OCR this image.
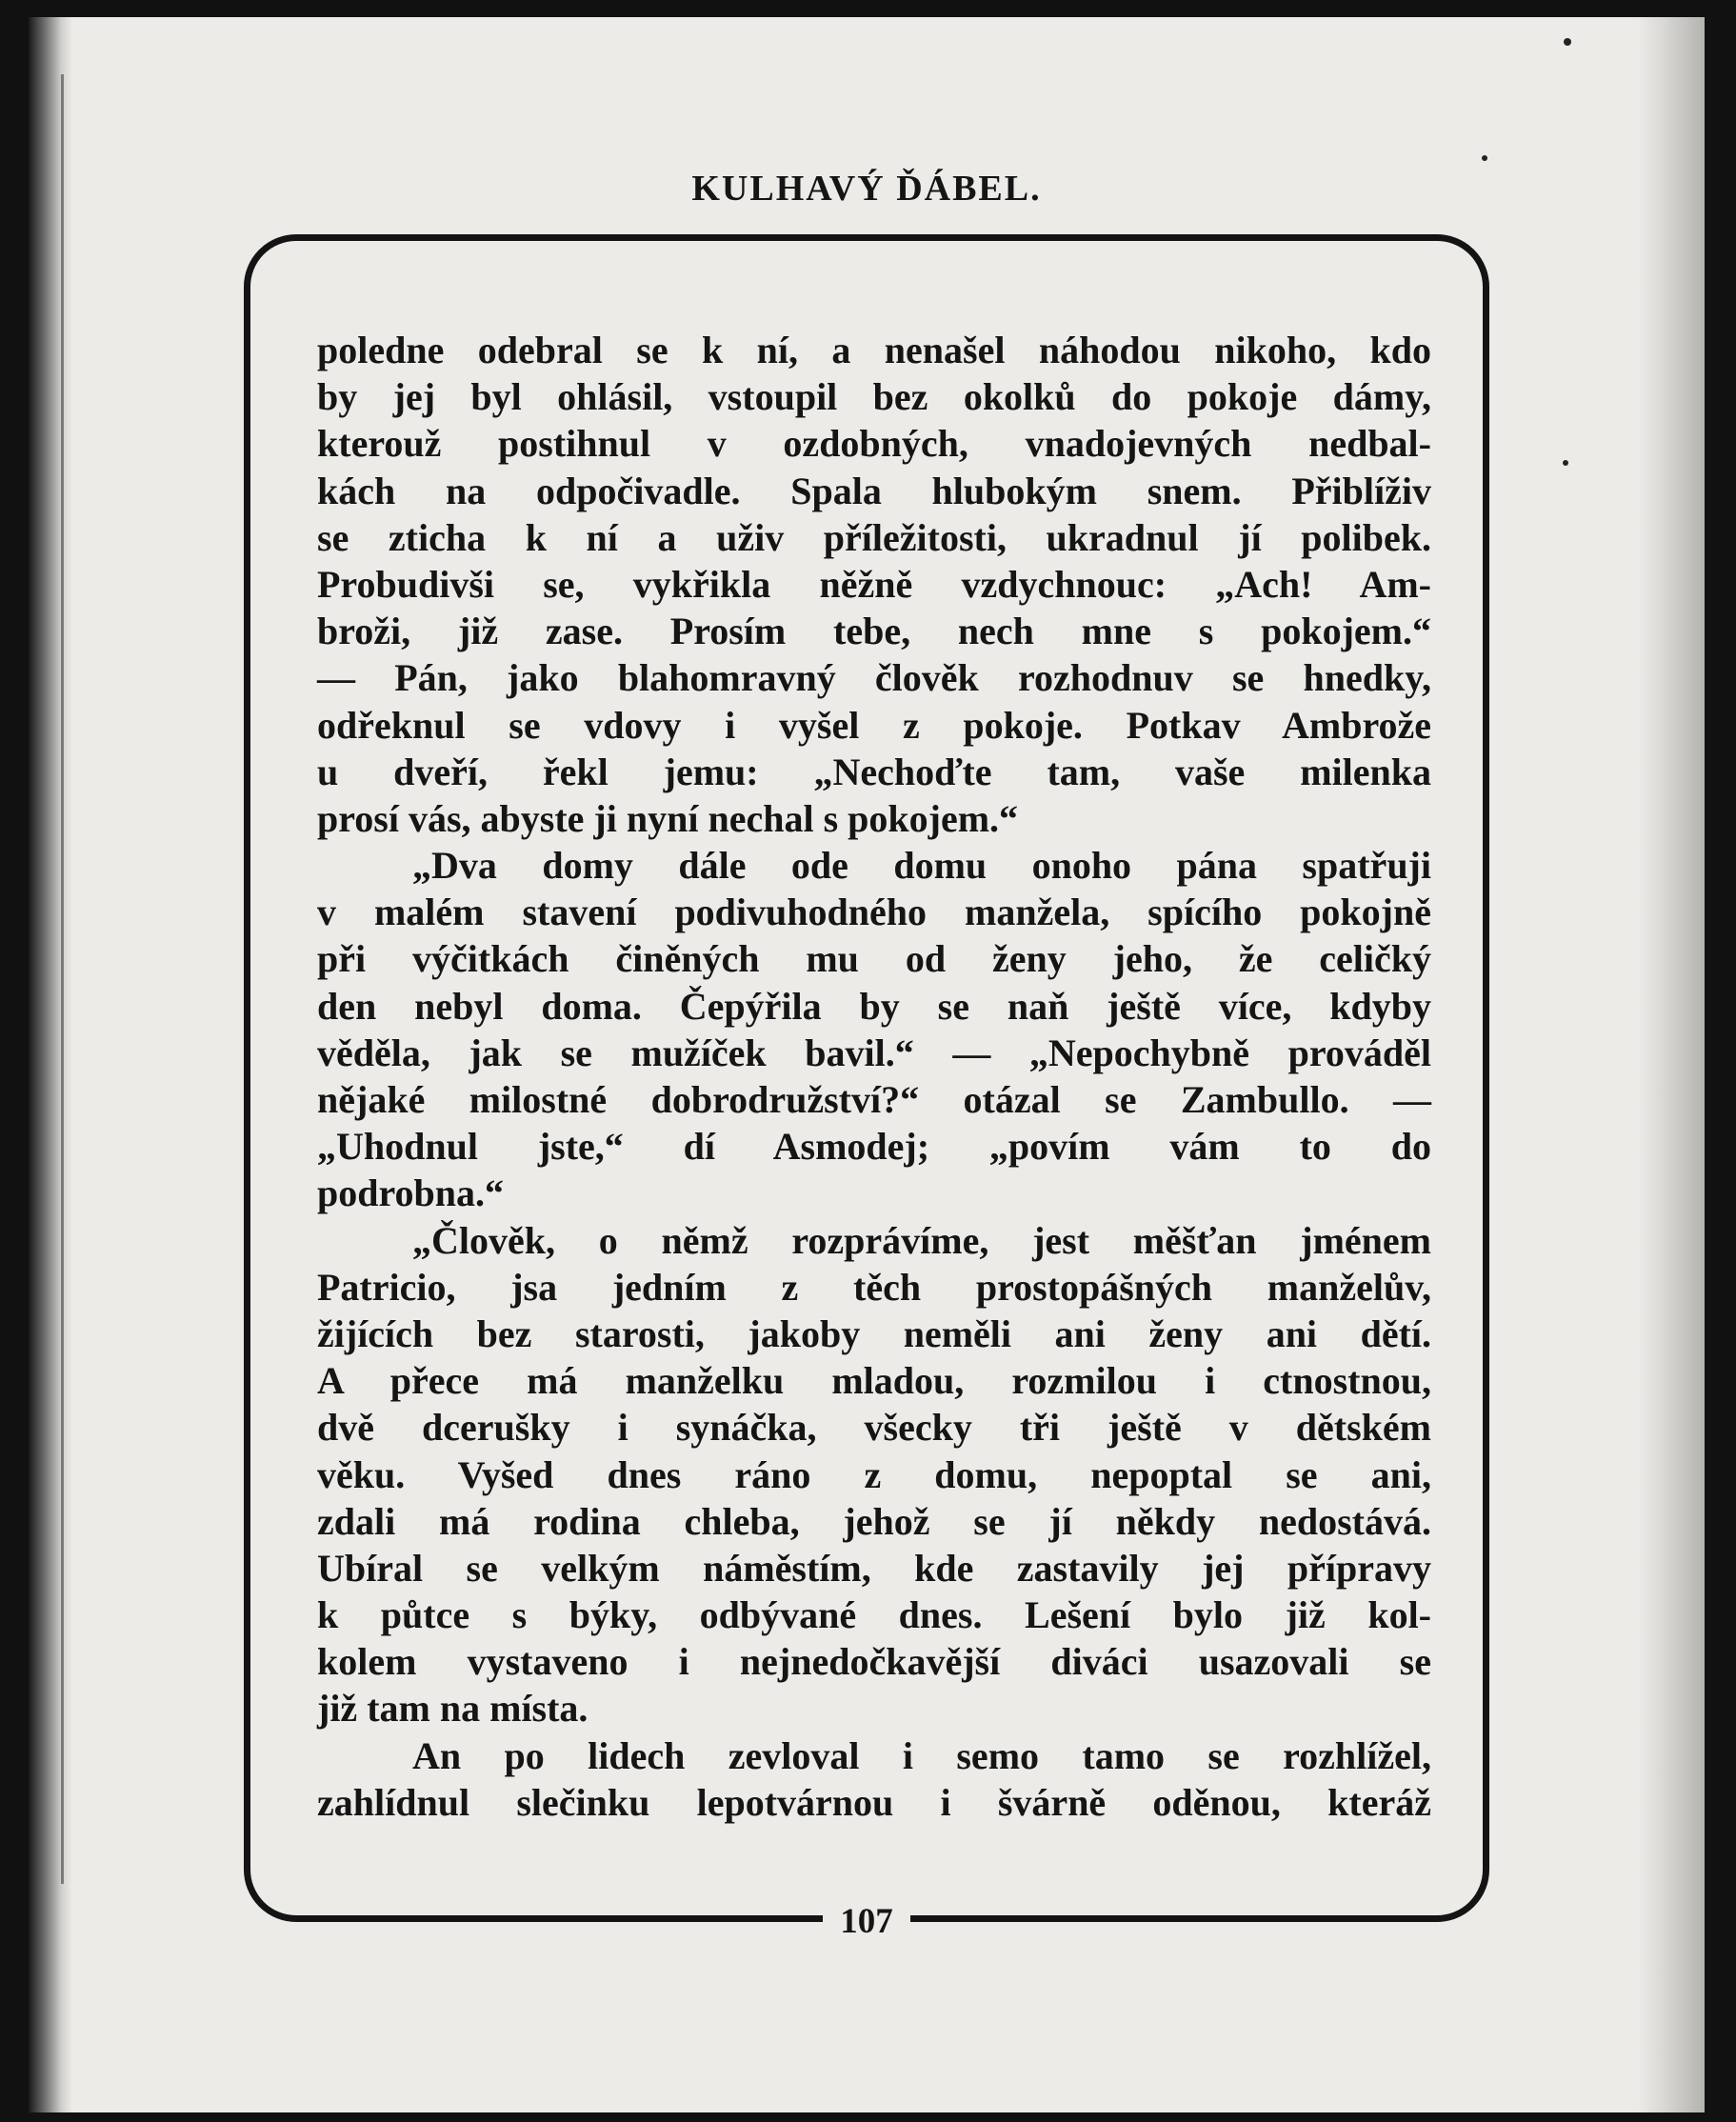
KULHAVÝ ĎÁBEL.
poledne odebral se k ní, a nenašel náhodou nikoho, kdo
by jej byl ohlásil, vstoupil bez okolků do pokoje dámy,
kterouž postihnul v ozdobných, vnadojevných nedbal-
kách na odpočivadle. Spala hlubokým snem. Přiblíživ
se zticha k ní a uživ příležitosti, ukradnul jí polibek.
Probudivši se, vykřikla něžně vzdychnouc: „Ach! Am-
broži, již zase. Prosím tebe, nech mne s pokojem.“
— Pán, jako blahomravný člověk rozhodnuv se hnedky,
odřeknul se vdovy i vyšel z pokoje. Potkav Ambrože
u dveří, řekl jemu: „Nechoďte tam, vaše milenka
prosí vás, abyste ji nyní nechal s pokojem.“
„Dva domy dále ode domu onoho pána spatřuji
v malém stavení podivuhodného manžela, spícího pokojně
při výčitkách činěných mu od ženy jeho, že celičký
den nebyl doma. Čepýřila by se naň ještě více, kdyby
věděla, jak se mužíček bavil.“ — „Nepochybně prováděl
nějaké milostné dobrodružství?“ otázal se Zambullo. —
„Uhodnul jste,“ dí Asmodej; „povím vám to do
podrobna.“
„Člověk, o němž rozprávíme, jest měšťan jménem
Patricio, jsa jedním z těch prostopášných manželův,
žijících bez starosti, jakoby neměli ani ženy ani dětí.
A přece má manželku mladou, rozmilou i ctnostnou,
dvě dcerušky i synáčka, všecky tři ještě v dětském
věku. Vyšed dnes ráno z domu, nepoptal se ani,
zdali má rodina chleba, jehož se jí někdy nedostává.
Ubíral se velkým náměstím, kde zastavily jej přípravy
k půtce s býky, odbývané dnes. Lešení bylo již kol-
kolem vystaveno i nejnedočkavější diváci usazovali se
již tam na místa.
An po lidech zevloval i semo tamo se rozhlížel,
zahlídnul slečinku lepotvárnou i švárně oděnou, kteráž
107
